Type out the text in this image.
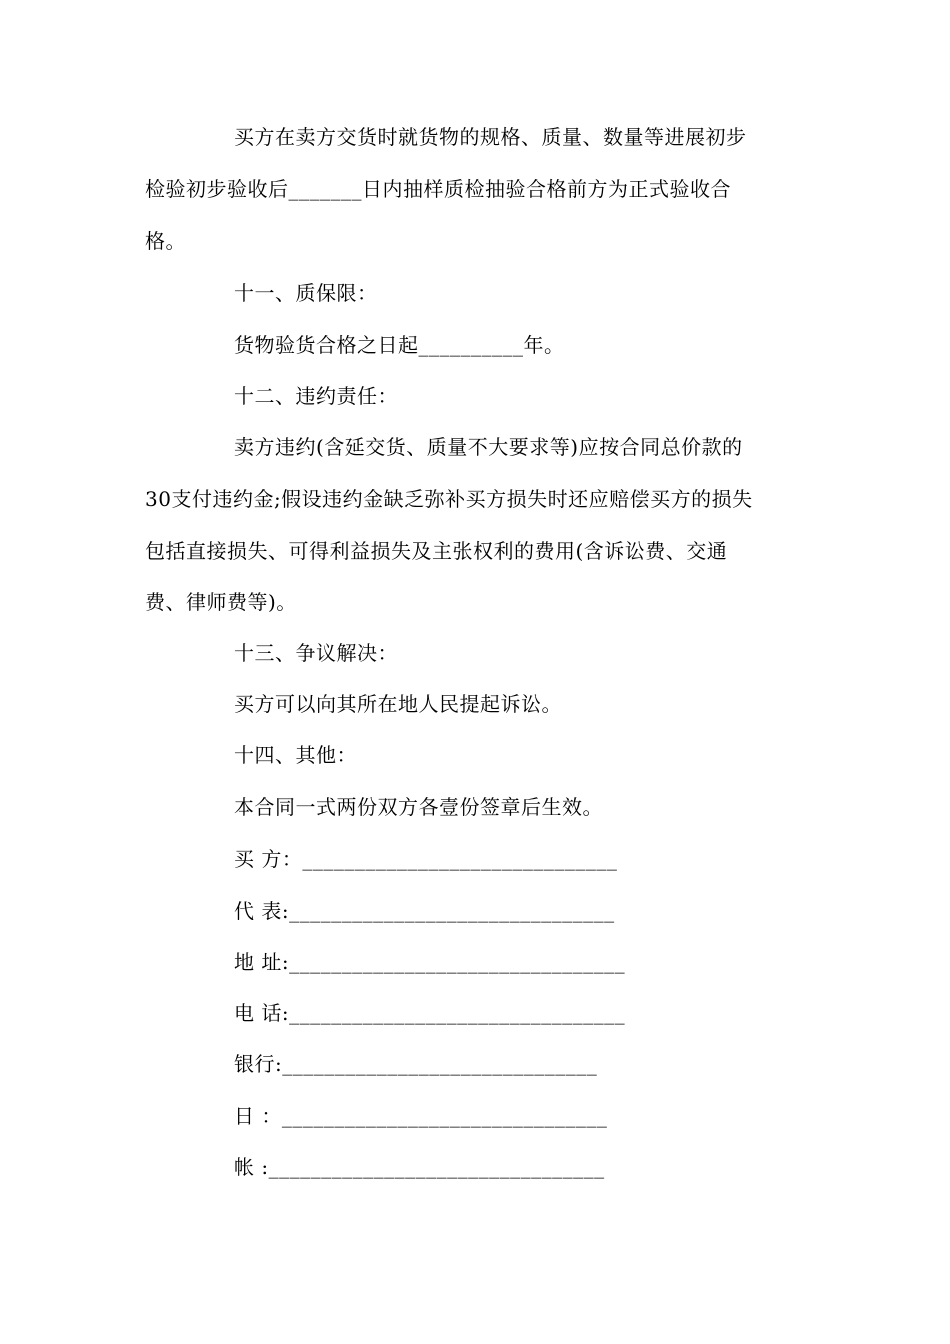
买方在卖方交货时就货物的规格、质量、数量等进展初步
检验初步验收后_______日内抽样质检抽验合格前方为正式验收合
格。
十一、质保限：
货物验货合格之日起__________年。
十二、违约责任：
卖方违约(含延交货、质量不大要求等)应按合同总价款的
30支付违约金;假设违约金缺乏弥补买方损失时还应赔偿买方的损失
包括直接损失、可得利益损失及主张权利的费用(含诉讼费、交通
费、律师费等)。
十三、争议解决：
买方可以向其所在地人民提起诉讼。
十四、其他：
本合同一式两份双方各壹份签章后生效。
买 方：______________________________
代 表:_______________________________
地 址:________________________________
电 话:________________________________
银行:______________________________
日 ：_______________________________
帐 :________________________________
